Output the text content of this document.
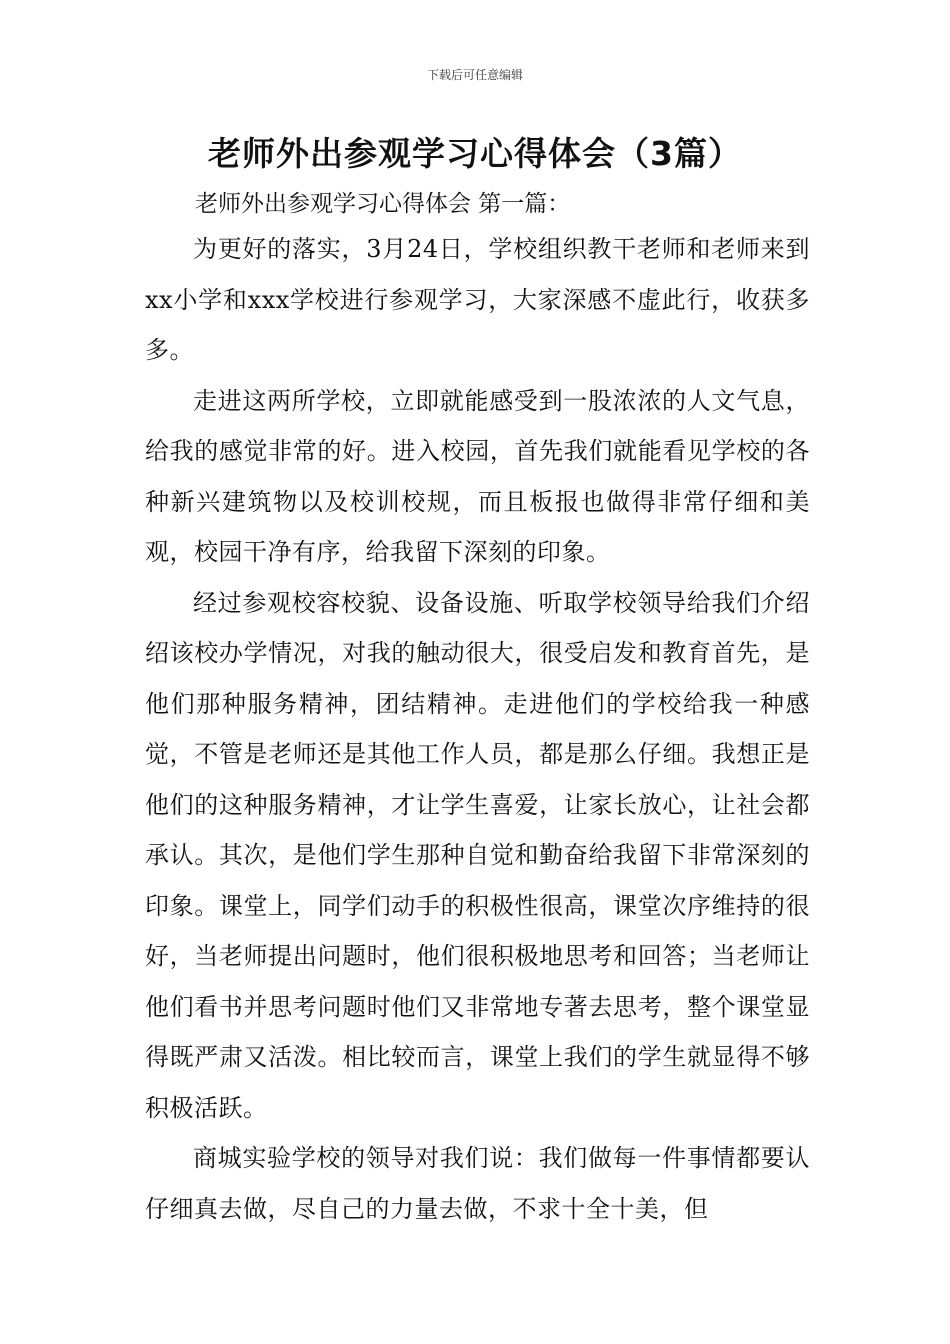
下载后可任意编辑
老师外出参观学习心得体会（3篇）
老师外出参观学习心得体会 第一篇：

为更好的落实，3月24日，学校组织教干老师和老师来到xx小学和xxx学校进行参观学习，大家深感不虚此行，收获多多。

走进这两所学校，立即就能感受到一股浓浓的人文气息，给我的感觉非常的好。进入校园，首先我们就能看见学校的各种新兴建筑物以及校训校规，而且板报也做得非常仔细和美观，校园干净有序，给我留下深刻的印象。

经过参观校容校貌、设备设施、听取学校领导给我们介绍绍该校办学情况，对我的触动很大，很受启发和教育首先，是他们那种服务精神，团结精神。走进他们的学校给我一种感觉，不管是老师还是其他工作人员，都是那么仔细。我想正是他们的这种服务精神，才让学生喜爱，让家长放心，让社会都承认。其次，是他们学生那种自觉和勤奋给我留下非常深刻的印象。课堂上，同学们动手的积极性很高，课堂次序维持的很好，当老师提出问题时，他们很积极地思考和回答；当老师让他们看书并思考问题时他们又非常地专著去思考，整个课堂显得既严肃又活泼。相比较而言，课堂上我们的学生就显得不够积极活跃。

商城实验学校的领导对我们说：我们做每一件事情都要认仔细真去做，尽自己的力量去做，不求十全十美，但
